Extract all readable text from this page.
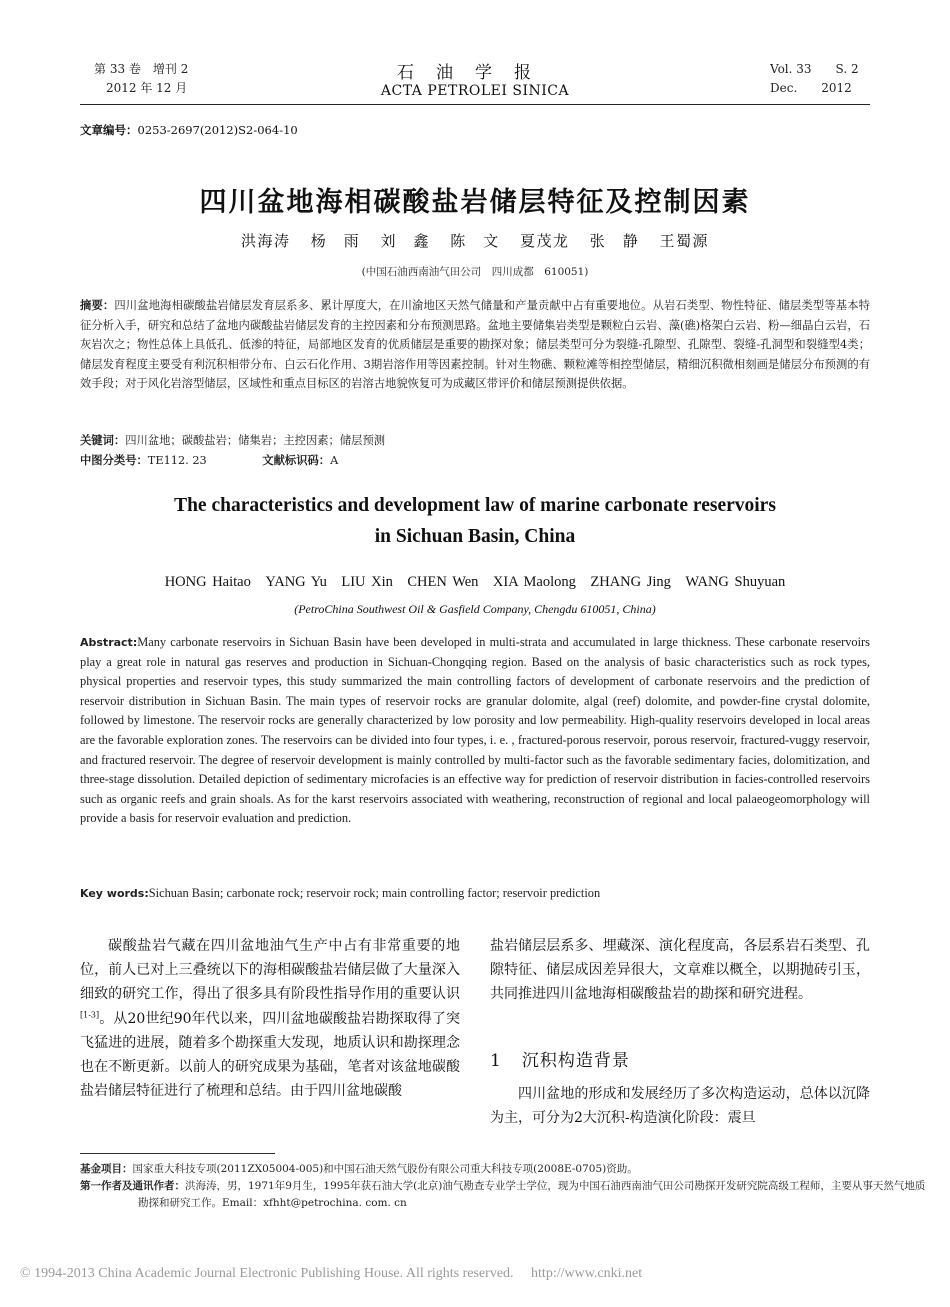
第 33 卷　增刊 2
2012 年 12 月
石油学报
ACTA PETROLEI SINICA
Vol. 33　　S. 2
Dec.　　2012
文章编号：0253-2697(2012)S2-064-10
四川盆地海相碳酸盐岩储层特征及控制因素
洪海涛 杨　雨 刘　鑫 陈　文 夏茂龙 张　静 王蜀源
(中国石油西南油气田公司　四川成都　610051)
摘要：四川盆地海相碳酸盐岩储层发育层系多、累计厚度大，在川渝地区天然气储量和产量贡献中占有重要地位。从岩石类型、物性特征、储层类型等基本特征分析入手，研究和总结了盆地内碳酸盐岩储层发育的主控因素和分布预测思路。盆地主要储集岩类型是颗粒白云岩、藻(礁)格架白云岩、粉—细晶白云岩，石灰岩次之；物性总体上具低孔、低渗的特征，局部地区发育的优质储层是重要的勘探对象；储层类型可分为裂缝-孔隙型、孔隙型、裂缝-孔洞型和裂缝型4类；储层发育程度主要受有利沉积相带分布、白云石化作用、3期岩溶作用等因素控制。针对生物礁、颗粒滩等相控型储层，精细沉积微相刻画是储层分布预测的有效手段；对于风化岩溶型储层，区域性和重点目标区的岩溶古地貌恢复可为成藏区带评价和储层预测提供依据。
关键词：四川盆地；碳酸盐岩；储集岩；主控因素；储层预测
中图分类号：TE112. 23	文献标识码：A
The characteristics and development law of marine carbonate reservoirs
in Sichuan Basin, China
HONG Haitao　YANG Yu　LIU Xin　CHEN Wen　XIA Maolong　ZHANG Jing　WANG Shuyuan
(PetroChina Southwest Oil & Gasfield Company, Chengdu 610051, China)
Abstract:Many carbonate reservoirs in Sichuan Basin have been developed in multi-strata and accumulated in large thickness. These carbonate reservoirs play a great role in natural gas reserves and production in Sichuan-Chongqing region. Based on the analysis of basic characteristics such as rock types, physical properties and reservoir types, this study summarized the main controlling factors of development of carbonate reservoirs and the prediction of reservoir distribution in Sichuan Basin. The main types of reservoir rocks are granular dolomite, algal (reef) dolomite, and powder-fine crystal dolomite, followed by limestone. The reservoir rocks are generally characterized by low porosity and low permeability. High-quality reservoirs developed in local areas are the favorable exploration zones. The reservoirs can be divided into four types, i. e. , fractured-porous reservoir, porous reservoir, fractured-vuggy reservoir, and fractured reservoir. The degree of reservoir development is mainly controlled by multi-factor such as the favorable sedimentary facies, dolomitization, and three-stage dissolution. Detailed depiction of sedimentary microfacies is an effective way for prediction of reservoir distribution in facies-controlled reservoirs such as organic reefs and grain shoals. As for the karst reservoirs associated with weathering, reconstruction of regional and local palaeogeomorphology will provide a basis for reservoir evaluation and prediction.
Key words:Sichuan Basin; carbonate rock; reservoir rock; main controlling factor; reservoir prediction
碳酸盐岩气藏在四川盆地油气生产中占有非常重要的地位，前人已对上三叠统以下的海相碳酸盐岩储层做了大量深入细致的研究工作，得出了很多具有阶段性指导作用的重要认识[1-3]。从20世纪90年代以来，四川盆地碳酸盐岩勘探取得了突飞猛进的进展，随着多个勘探重大发现，地质认识和勘探理念也在不断更新。以前人的研究成果为基础，笔者对该盆地碳酸盐岩储层特征进行了梳理和总结。由于四川盆地碳酸
盐岩储层层系多、埋藏深、演化程度高，各层系岩石类型、孔隙特征、储层成因差异很大，文章难以概全，以期抛砖引玉，共同推进四川盆地海相碳酸盐岩的勘探和研究进程。
1 沉积构造背景
四川盆地的形成和发展经历了多次构造运动，总体以沉降为主，可分为2大沉积-构造演化阶段：震旦
基金项目：国家重大科技专项(2011ZX05004-005)和中国石油天然气股份有限公司重大科技专项(2008E-0705)资助。
第一作者及通讯作者：洪海涛，男，1971年9月生，1995年获石油大学(北京)油气勘查专业学士学位，现为中国石油西南油气田公司勘探开发研究院高级工程师，主要从事天然气地质勘探和研究工作。Email：xfhht@petrochina. com. cn
© 1994-2013 China Academic Journal Electronic Publishing House. All rights reserved.　 http://www.cnki.net
